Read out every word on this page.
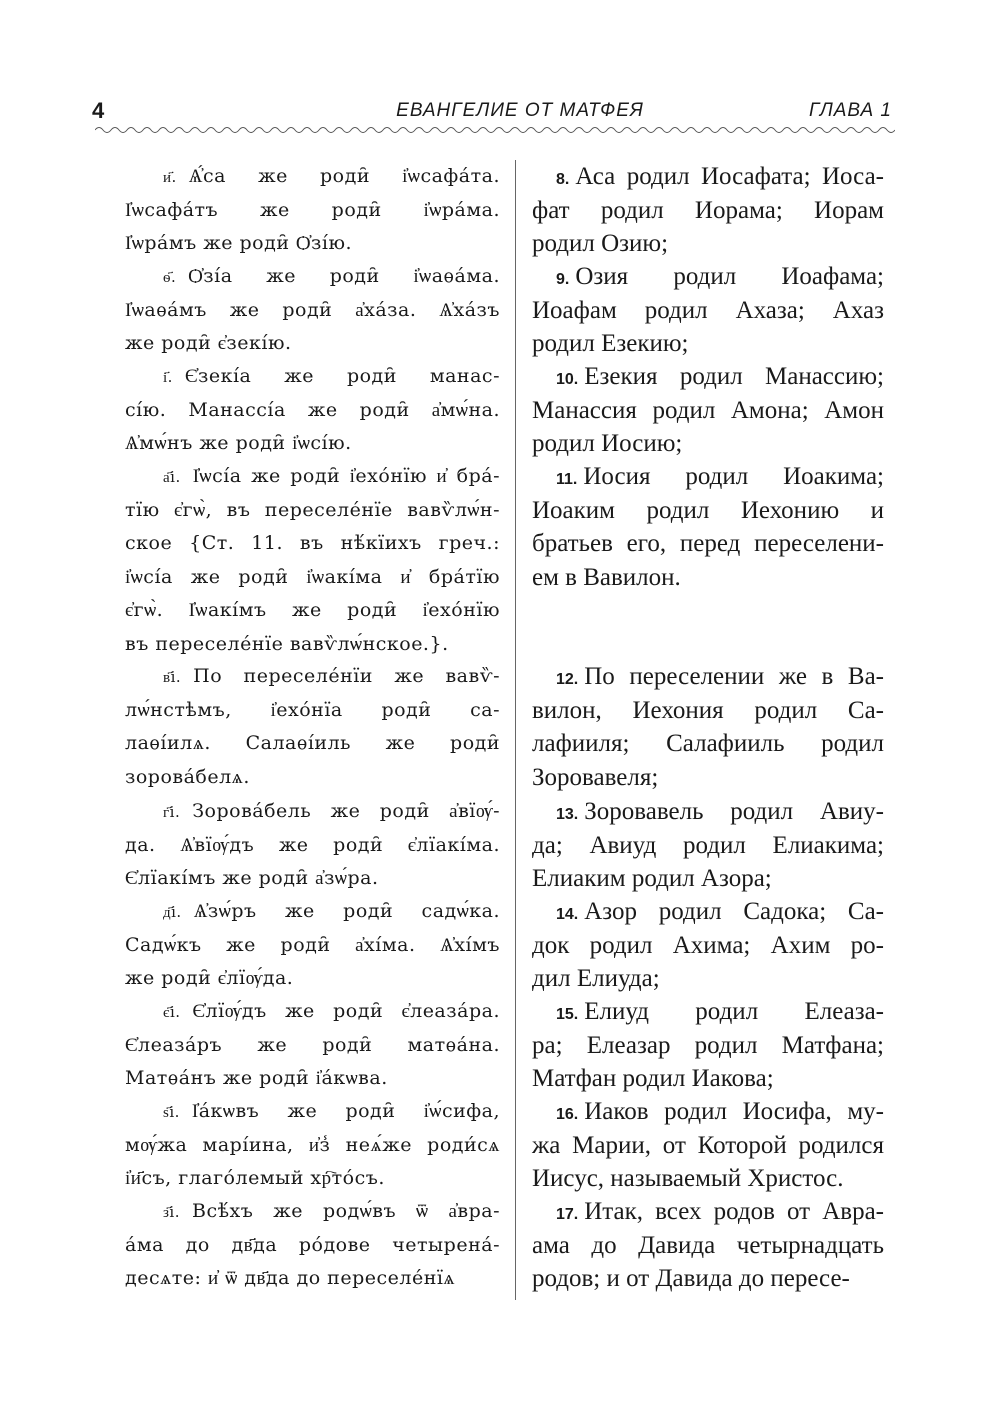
4	ЕВАНГЕЛИЕ ОТ МАТФЕЯ	ГЛАВА 1
и҃. Ѧ҆́са же роди̑ і҆ѡсафа́та.
І҆ѡсафа́тъ же роди̑ і҆ѡра́ма.
І҆ѡра́мъ же роди̑ Ѻ҆зі́ю.
ѳ҃. Ѻ҆зі́а же роди̑ і҆ѡаѳа́ма.
І҆ѡаѳа́мъ же роди̑ а҆ха́за. Ѧ҆ха́зъ
же роди̑ є҆зекі́ю.
і҃. Є҆зекі́а же роди̑ манас-
сі́ю. Манассі́а же роди̑ а҆мѡ́на.
Ѧ҆мѡ́нъ же роди̑ і҆ѡсі́ю.
а҃і. І҆ѡсі́а же роди̑ і҆ехо́нїю и҆ бра́-
тїю є҆гѡ̀, въ переселе́нїе вавѷлѡ́н-
ское {Ст. 11. въ нѣ́кїихъ греч.:
і҆ѡсі́а же роди̑ і҆ѡакі́ма и҆ бра́тїю
є҆гѡ̀. І҆ѡакі́мъ же роди̑ і҆ехо́нїю
въ переселе́нїе вавѷлѡ́нское.}.
в҃і. По переселе́нїи же вавѷ-
лѡ́нстѣмъ, і҆ехо́нїа роди̑ са-
лаѳі́илѧ. Салаѳі́иль же роди̑
зорова́белѧ.
г҃і. Зорова́бель же роди̑ а҆вїѹ́-
да. Ѧ҆вїѹ́дъ же роди̑ є҆лїакі́ма.
Є҆лїакі́мъ же роди̑ а҆зѡ́ра.
д҃і. Ѧ҆зѡ́ръ же роди̑ садѡ́ка.
Садѡ́къ же роди̑ а҆хі́ма. Ѧ҆хі́мъ
же роди̑ є҆лїѹ́да.
є҃і. Є҆лїѹ́дъ же роди̑ є҆леаза́ра.
Є҆леаза́ръ же роди̑ матѳа́на.
Матѳа́нъ же роди̑ і҆а́кѡва.
ѕ҃і. І҆а́кѡвъ же роди̑ і҆ѡ́сифа,
мѹ́жа марі́ина, и҆з̾ неѧ́же роди́сѧ
і҆и҃съ, глаго́лемый хр҇то́съ.
з҃і. Всѣ́хъ же родѡ́въ ѿ а҆вра-
а́ма до дв҃да ро́дове четырена́-
десѧте: и҆ ѿ дв҃да до переселе́нїѧ
8. Аса родил Иосафата; Иоса-
фат родил Иорама; Иорам
родил Озию;
9. Озия родил Иоафама;
Иоафам родил Ахаза; Ахаз
родил Езекию;
10. Езекия родил Манассию;
Манассия родил Амона; Амон
родил Иосию;
11. Иосия родил Иоакима;
Иоаким родил Иехонию и
братьев его, перед переселени-
ем в Вавилон.
12. По переселении же в Ва-
вилон, Иехония родил Са-
лафииля; Салафииль родил
Зоровавеля;
13. Зоровавель родил Авиу-
да; Авиуд родил Елиакима;
Елиаким родил Азора;
14. Азор родил Садока; Са-
док родил Ахима; Ахим ро-
дил Елиуда;
15. Елиуд родил Елеаза-
ра; Елеазар родил Матфана;
Матфан родил Иакова;
16. Иаков родил Иосифа, му-
жа Марии, от Которой родился
Иисус, называемый Христос.
17. Итак, всех родов от Авра-
ама до Давида четырнадцать
родов; и от Давида до пересе-
